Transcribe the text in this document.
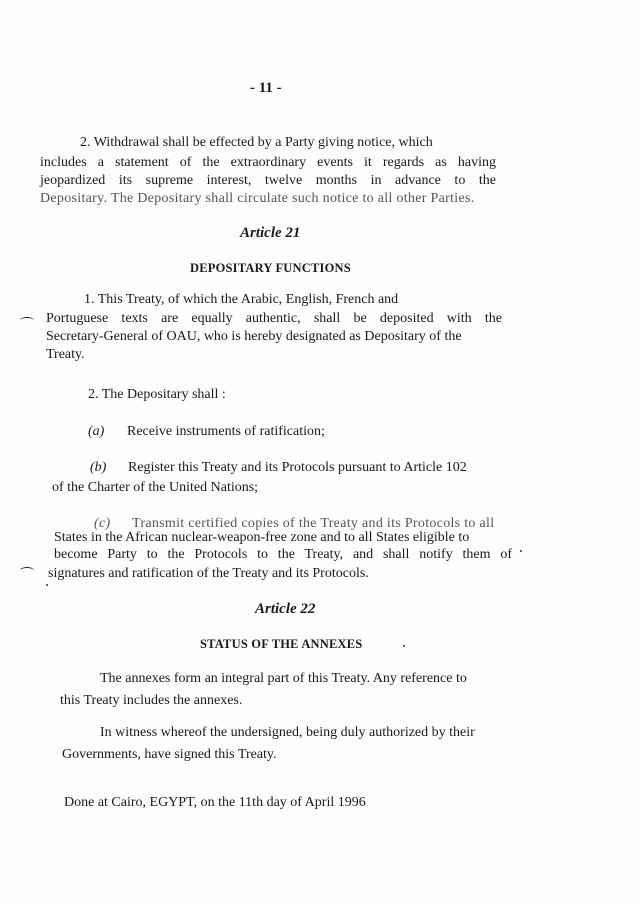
- 11 -
2. Withdrawal shall be effected by a Party giving notice, which
includes a statement of the extraordinary events it regards as having
jeopardized its supreme interest, twelve months in advance to the
Depositary. The Depositary shall circulate such notice to all other Parties.
Article 21
DEPOSITARY FUNCTIONS
1. This Treaty, of which the Arabic, English, French and
Portuguese texts are equally authentic, shall be deposited with the
Secretary-General of OAU, who is hereby designated as Depositary of the
Treaty.
2. The Depositary shall :
(a) Receive instruments of ratification;
(b) Register this Treaty and its Protocols pursuant to Article 102
of the Charter of the United Nations;
(c) Transmit certified copies of the Treaty and its Protocols to all
States in the African nuclear-weapon-free zone and to all States eligible to
become Party to the Protocols to the Treaty, and shall notify them of
signatures and ratification of the Treaty and its Protocols.
Article 22
STATUS OF THE ANNEXES
The annexes form an integral part of this Treaty. Any reference to
this Treaty includes the annexes.
In witness whereof the undersigned, being duly authorized by their
Governments, have signed this Treaty.
Done at Cairo, EGYPT, on the 11th day of April 1996
